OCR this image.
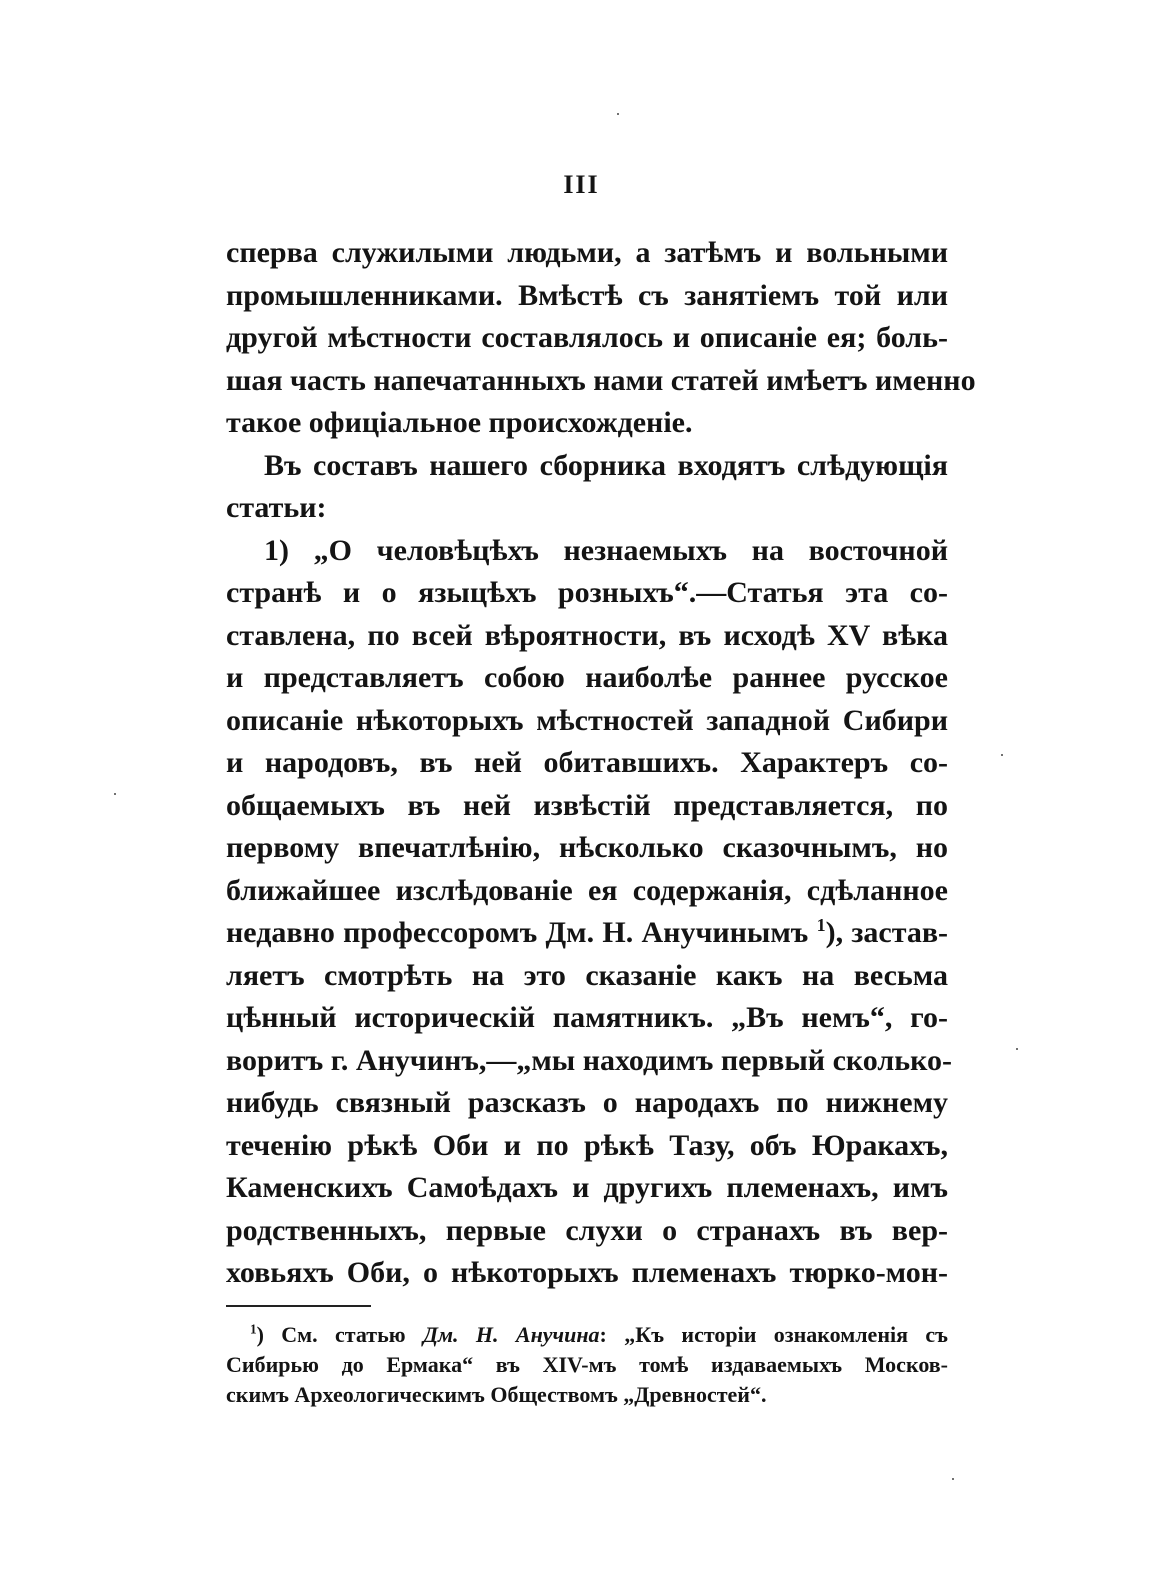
III
сперва служилыми людьми, а затѣмъ и вольными
промышленниками. Вмѣстѣ съ занятіемъ той или
другой мѣстности составлялось и описаніе ея; боль-
шая часть напечатанныхъ нами статей имѣетъ именно
такое офиціальное происхожденіе.
Въ составъ нашего сборника входятъ слѣдующія
статьи:
1) „О человѣцѣхъ незнаемыхъ на восточной
странѣ и о языцѣхъ розныхъ“.—Статья эта со-
ставлена, по всей вѣроятности, въ исходѣ XV вѣка
и представляетъ собою наиболѣе раннее русское
описаніе нѣкоторыхъ мѣстностей западной Сибири
и народовъ, въ ней обитавшихъ. Характеръ со-
общаемыхъ въ ней извѣстій представляется, по
первому впечатлѣнію, нѣсколько сказочнымъ, но
ближайшее изслѣдованіе ея содержанія, сдѣланное
недавно профессоромъ Дм. Н. Анучинымъ $^1$), застав-
ляетъ смотрѣть на это сказаніе какъ на весьма
цѣнный историческій памятникъ. „Въ немъ“, го-
воритъ г. Анучинъ,—„мы находимъ первый сколько-
нибудь связный разсказъ о народахъ по нижнему
теченію рѣкѣ Оби и по рѣкѣ Тазу, объ Юракахъ,
Каменскихъ Самоѣдахъ и другихъ племенахъ, имъ
родственныхъ, первые слухи о странахъ въ вер-
ховьяхъ Оби, о нѣкоторыхъ племенахъ тюрко-мон-
$^1$) См. статью Дм. Н. Анучина: „Къ исторіи ознакомленія съ
Сибирью до Ермака“ въ XIV-мъ томѣ издаваемыхъ Москов-
скимъ Археологическимъ Обществомъ „Древностей“.
